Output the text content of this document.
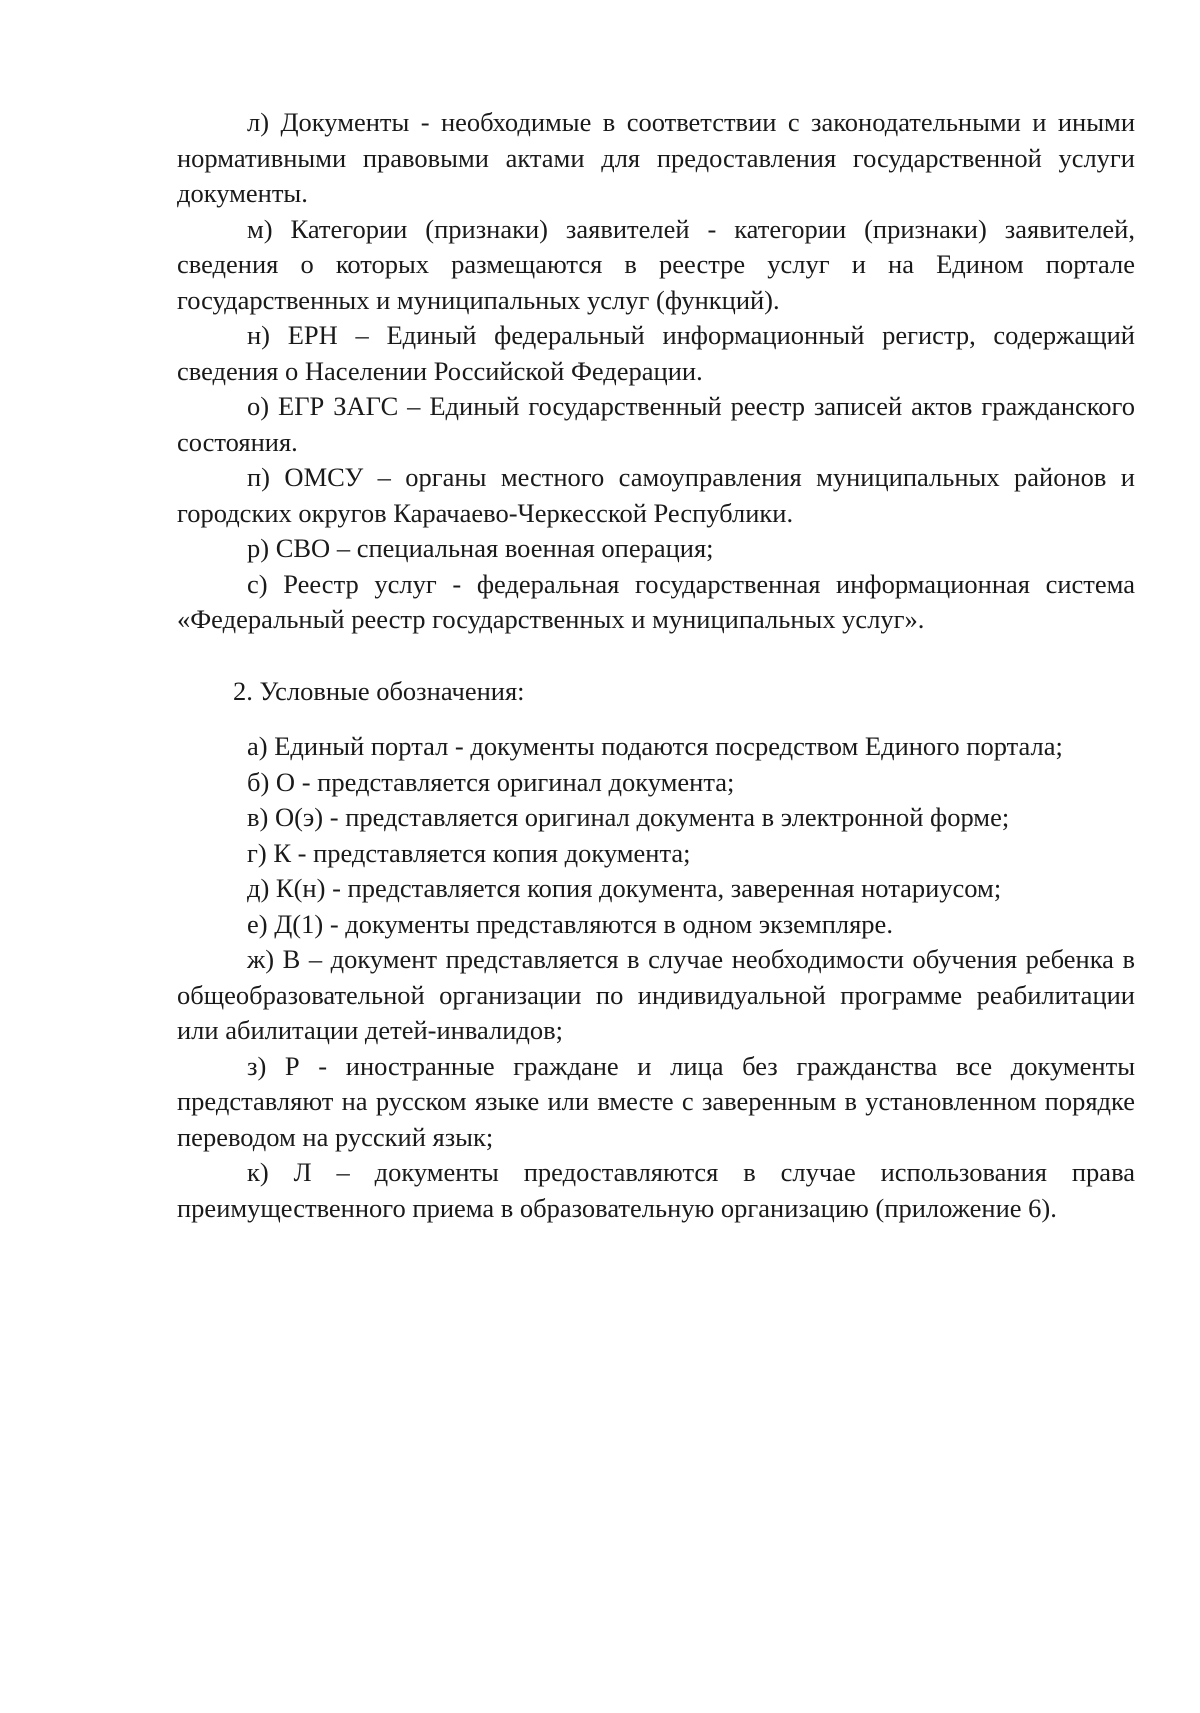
л) Документы - необходимые в соответствии с законодательными и иными нормативными правовыми актами для предоставления государственной услуги документы.

м) Категории (признаки) заявителей - категории (признаки) заявителей, сведения о которых размещаются в реестре услуг и на Едином портале государственных и муниципальных услуг (функций).

н) ЕРН – Единый федеральный информационный регистр, содержащий сведения о Населении Российской Федерации.

о) ЕГР ЗАГС – Единый государственный реестр записей актов гражданского состояния.

п) ОМСУ – органы местного самоуправления муниципальных районов и городских округов Карачаево-Черкесской Республики.

р) СВО – специальная военная операция;

с) Реестр услуг - федеральная государственная информационная система «Федеральный реестр государственных и муниципальных услуг».

2. Условные обозначения:

а) Единый портал - документы подаются посредством Единого портала;

б) О - представляется оригинал документа;

в) О(э) - представляется оригинал документа в электронной форме;

г) К - представляется копия документа;

д) К(н) - представляется копия документа, заверенная нотариусом;

е) Д(1) - документы представляются в одном экземпляре.

ж) В – документ представляется в случае необходимости обучения ребенка в общеобразовательной организации по индивидуальной программе реабилитации или абилитации детей-инвалидов;

з) Р - иностранные граждане и лица без гражданства все документы представляют на русском языке или вместе с заверенным в установленном порядке переводом на русский язык;

к) Л – документы предоставляются в случае использования права преимущественного приема в образовательную организацию (приложение 6).
